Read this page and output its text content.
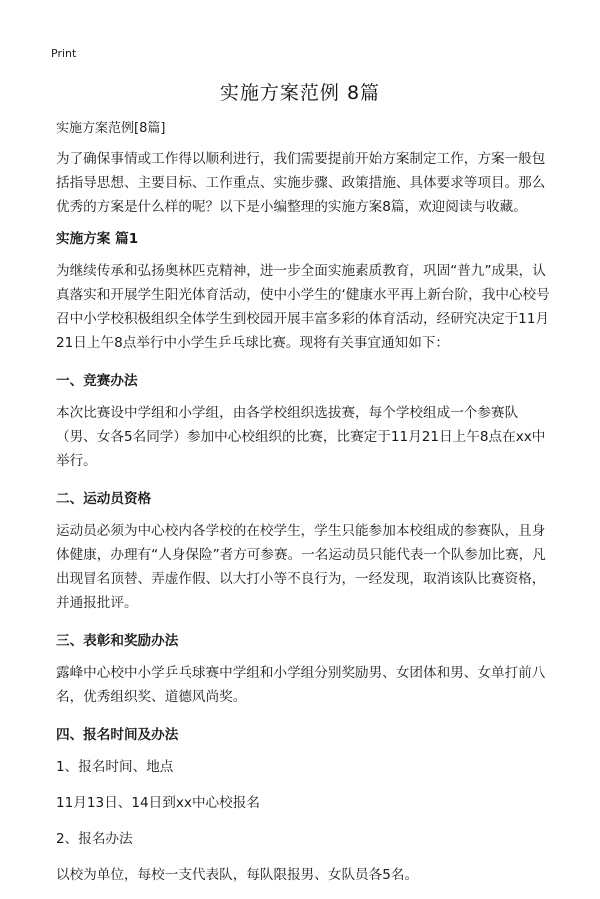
Print
实施方案范例 8篇

实施方案范例[8篇]

为了确保事情或工作得以顺利进行，我们需要提前开始方案制定工作，方案一般包括指导思想、主要目标、工作重点、实施步骤、政策措施、具体要求等项目。那么优秀的方案是什么样的呢？以下是小编整理的实施方案8篇，欢迎阅读与收藏。

实施方案 篇1

为继续传承和弘扬奥林匹克精神，进一步全面实施素质教育，巩固“普九”成果，认真落实和开展学生阳光体育活动，使中小学生的‘健康水平再上新台阶，我中心校号召中小学校积极组织全体学生到校园开展丰富多彩的体育活动，经研究决定于11月21日上午8点举行中小学生乒乓球比赛。现将有关事宜通知如下：

一、竞赛办法

本次比赛设中学组和小学组，由各学校组织选拔赛，每个学校组成一个参赛队（男、女各5名同学）参加中心校组织的比赛，比赛定于11月21日上午8点在xx中举行。

二、运动员资格

运动员必须为中心校内各学校的在校学生，学生只能参加本校组成的参赛队，且身体健康，办理有“人身保险”者方可参赛。一名运动员只能代表一个队参加比赛，凡出现冒名顶替、弄虚作假、以大打小等不良行为，一经发现，取消该队比赛资格，并通报批评。

三、表彰和奖励办法

露峰中心校中小学乒乓球赛中学组和小学组分别奖励男、女团体和男、女单打前八名，优秀组织奖、道德风尚奖。

四、报名时间及办法

1、报名时间、地点

11月13日、14日到xx中心校报名

2、报名办法

以校为单位，每校一支代表队，每队限报男、女队员各5名。
